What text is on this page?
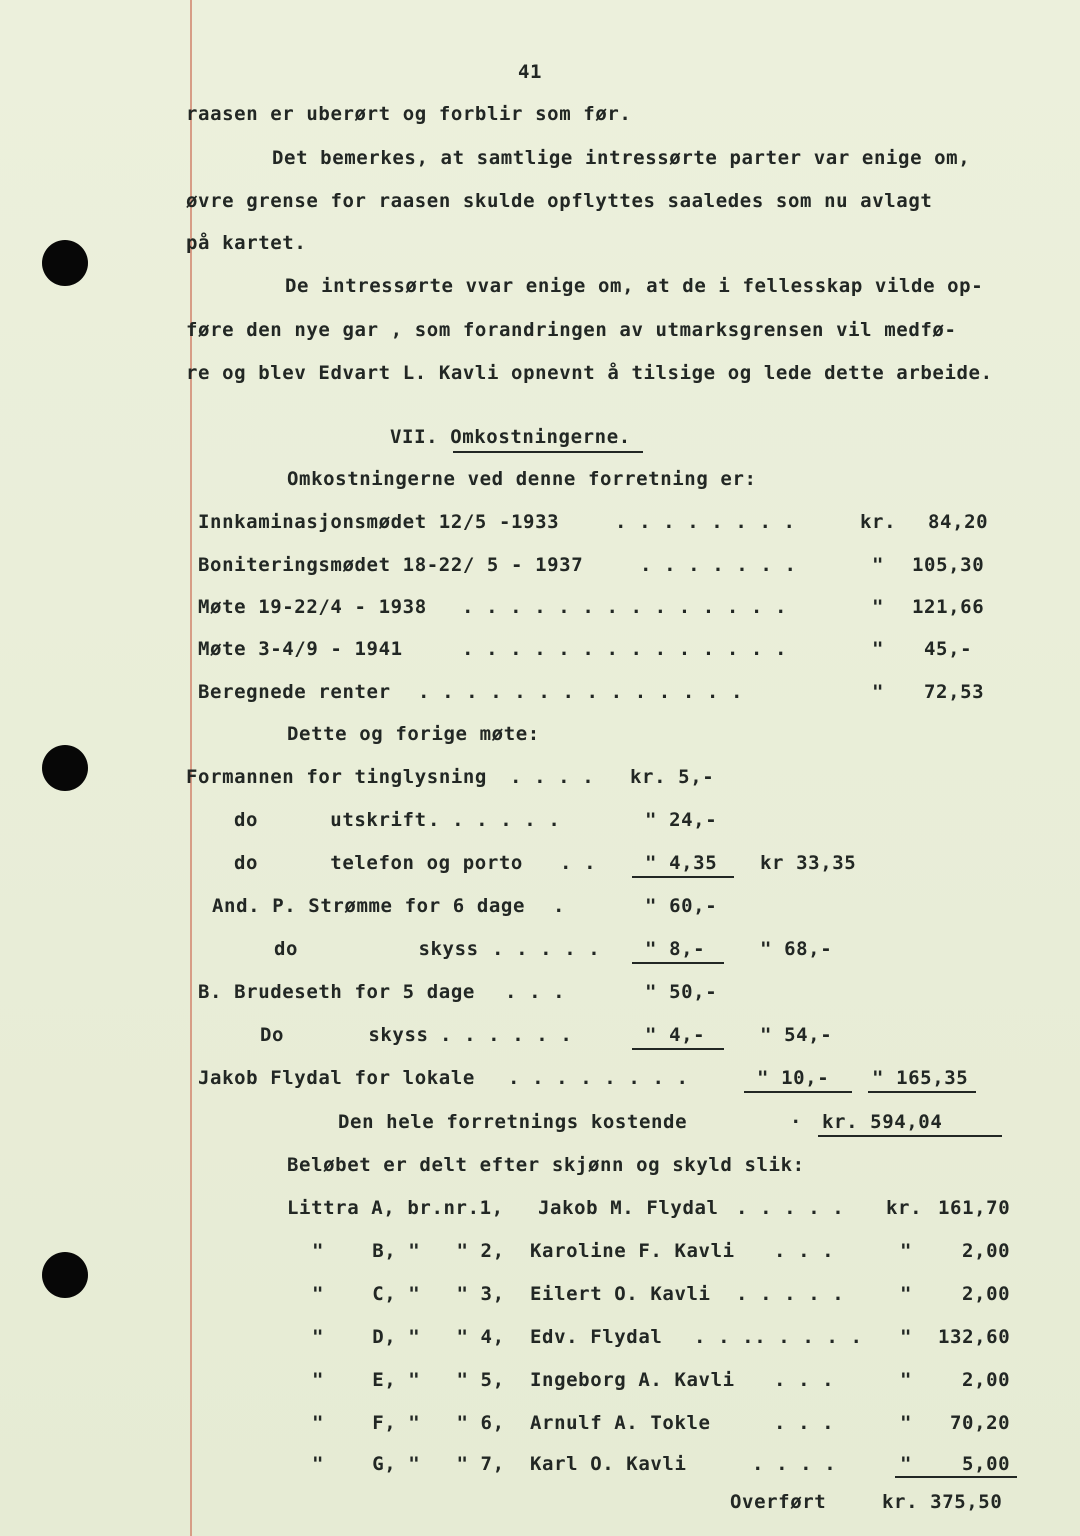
41
raasen er uberørt og forblir som før.
Det bemerkes, at samtlige intressørte parter var enige om,
øvre grense for raasen skulde opflyttes saaledes som nu avlagt
på kartet.
De intressørte vvar enige om, at de i fellesskap vilde op-
føre den nye gar , som forandringen av utmarksgrensen vil medfø-
re og blev Edvart L. Kavli opnevnt å tilsige og lede dette arbeide.
VII. Omkostningerne.
Omkostningerne ved denne forretning er:
Innkaminasjonsmødet 12/5 -1933	. . . . . . . .	kr. 84,20
Boniteringsmødet 18-22/ 5 - 1937	. . . . . . .	" 105,30
Møte 19-22/4 - 1938 . . . . . . . . . . . . . .	" 121,66
Møte 3-4/9 - 1941	. . . . . . . . . . . . . .	" 45,-
Beregnede renter . . . . . . . . . . . . . .	" 72,53
Dette og forige møte:
Formannen for tinglysning . . . . kr. 5,-
do      utskrift . . . . . .	" 24,-
do      telefon og porto . .	" 4,35 kr 33,35
And. P. Strømme for 6 dage .	" 60,-
do          skyss . . . . . " 8,-	" 68,-
B. Brudeseth for 5 dage . . .	" 50,-
Do       skyss . . . . . .	" 4,-	" 54,-
Jakob Flydal for lokale . . . . . . . .	" 10,- " 165,35
Den hele forretnings kostende	· kr. 594,04
Beløbet er delt efter skjønn og skyld slik:
Littra A, br.nr.1, Jakob M. Flydal . . . . . kr. 161,70
"    B, "   " 2, Karoline F. Kavli . . .	"	2,00
"    C, "   " 3, Eilert O. Kavli . . . . .	"	2,00
"    D, "   " 4, Edv. Flydal . . .. . . . . " 132,60
"    E, "   " 5, Ingeborg A. Kavli . . .	"	2,00
"    F, "   " 6, Arnulf A. Tokle	. . .	" 70,20
"    G, "   " 7, Karl O. Kavli	. . . .	"	5,00
Overført	kr. 375,50
